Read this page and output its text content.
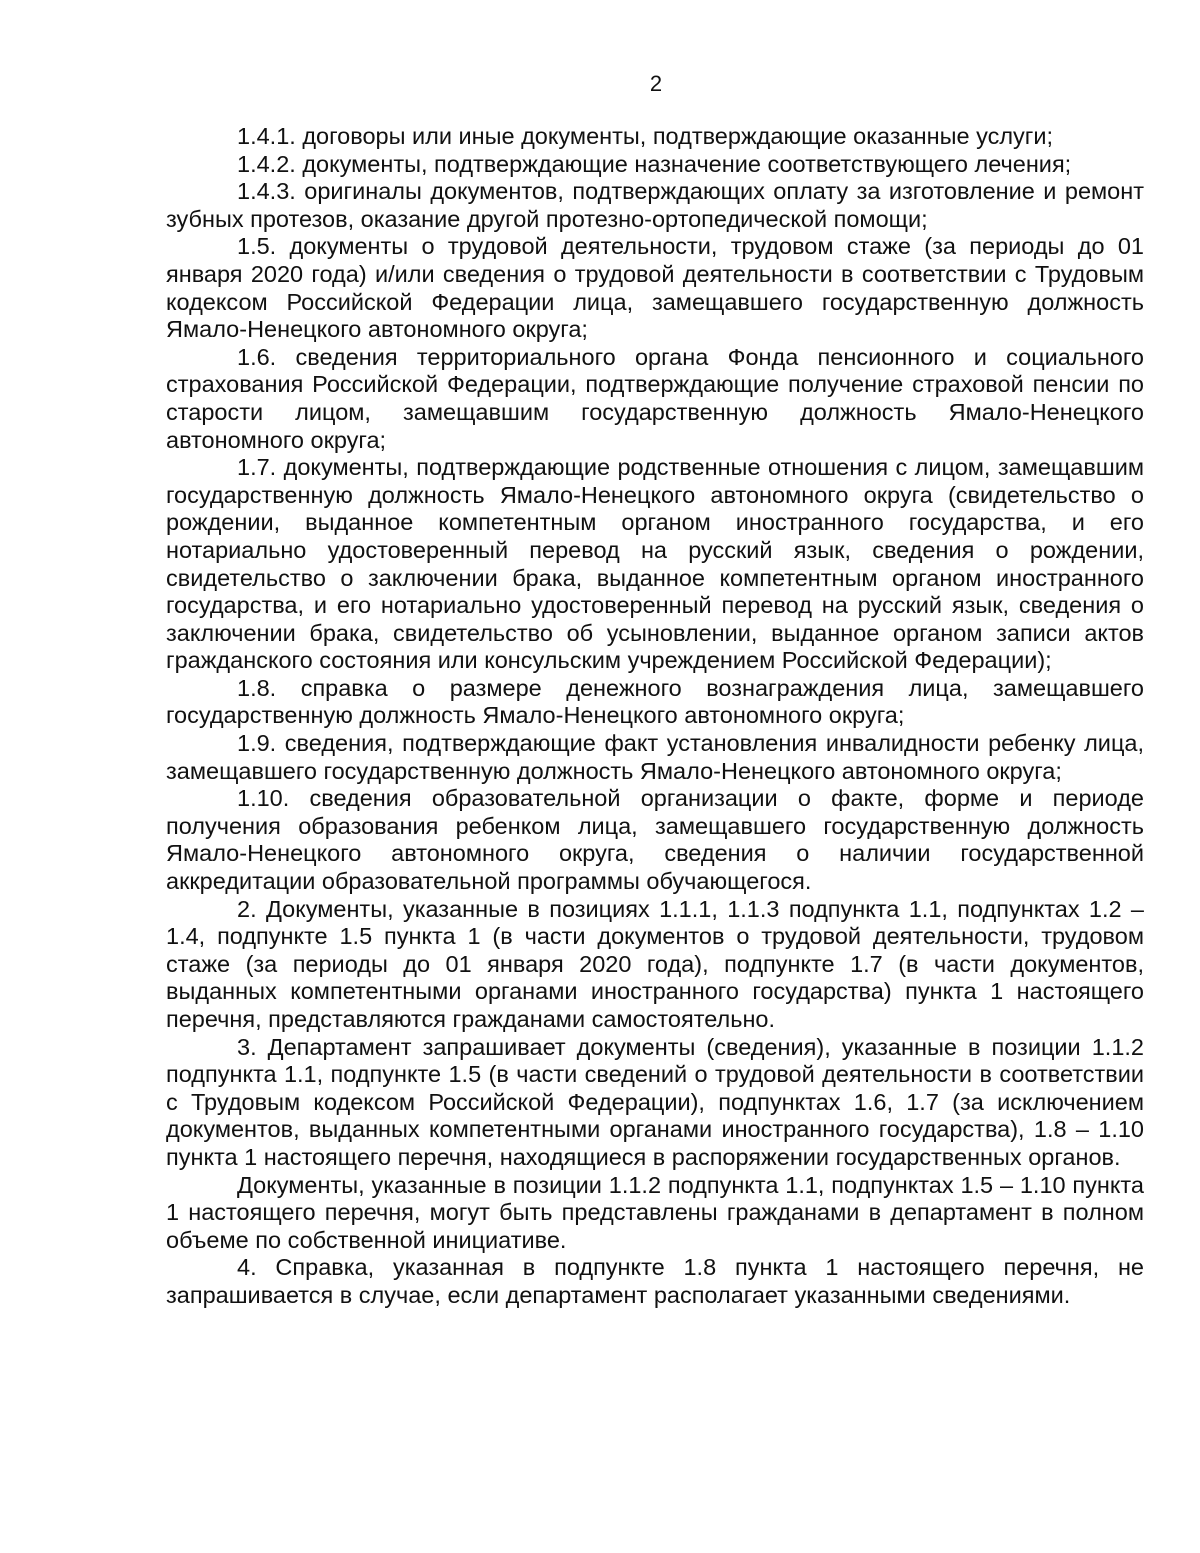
2

1.4.1. договоры или иные документы, подтверждающие оказанные услуги;

1.4.2. документы, подтверждающие назначение соответствующего лечения;

1.4.3. оригиналы документов, подтверждающих оплату за изготовление и ремонт зубных протезов, оказание другой протезно-ортопедической помощи;

1.5. документы о трудовой деятельности, трудовом стаже (за периоды до 01 января 2020 года) и/или сведения о трудовой деятельности в соответствии с Трудовым кодексом Российской Федерации лица, замещавшего государственную должность Ямало-Ненецкого автономного округа;

1.6. сведения территориального органа Фонда пенсионного и социального страхования Российской Федерации, подтверждающие получение страховой пенсии по старости лицом, замещавшим государственную должность Ямало-Ненецкого автономного округа;

1.7. документы, подтверждающие родственные отношения с лицом, замещавшим государственную должность Ямало-Ненецкого автономного округа (свидетельство о рождении, выданное компетентным органом иностранного государства, и его нотариально удостоверенный перевод на русский язык, сведения о рождении, свидетельство о заключении брака, выданное компетентным органом иностранного государства, и его нотариально удостоверенный перевод на русский язык, сведения о заключении брака, свидетельство об усыновлении, выданное органом записи актов гражданского состояния или консульским учреждением Российской Федерации);

1.8. справка о размере денежного вознаграждения лица, замещавшего государственную должность Ямало-Ненецкого автономного округа;

1.9. сведения, подтверждающие факт установления инвалидности ребенку лица, замещавшего государственную должность Ямало-Ненецкого автономного округа;

1.10. сведения образовательной организации о факте, форме и периоде получения образования ребенком лица, замещавшего государственную должность Ямало-Ненецкого автономного округа, сведения о наличии государственной аккредитации образовательной программы обучающегося.

2. Документы, указанные в позициях 1.1.1, 1.1.3 подпункта 1.1, подпунктах 1.2 – 1.4, подпункте 1.5 пункта 1 (в части документов о трудовой деятельности, трудовом стаже (за периоды до 01 января 2020 года), подпункте 1.7 (в части документов, выданных компетентными органами иностранного государства) пункта 1 настоящего перечня, представляются гражданами самостоятельно.

3. Департамент запрашивает документы (сведения), указанные в позиции 1.1.2 подпункта 1.1, подпункте 1.5 (в части сведений о трудовой деятельности в соответствии с Трудовым кодексом Российской Федерации), подпунктах 1.6, 1.7 (за исключением документов, выданных компетентными органами иностранного государства), 1.8 – 1.10 пункта 1 настоящего перечня, находящиеся в распоряжении государственных органов.

Документы, указанные в позиции 1.1.2 подпункта 1.1, подпунктах 1.5 – 1.10 пункта 1 настоящего перечня, могут быть представлены гражданами в департамент в полном объеме по собственной инициативе.

4. Справка, указанная в подпункте 1.8 пункта 1 настоящего перечня, не запрашивается в случае, если департамент располагает указанными сведениями.
